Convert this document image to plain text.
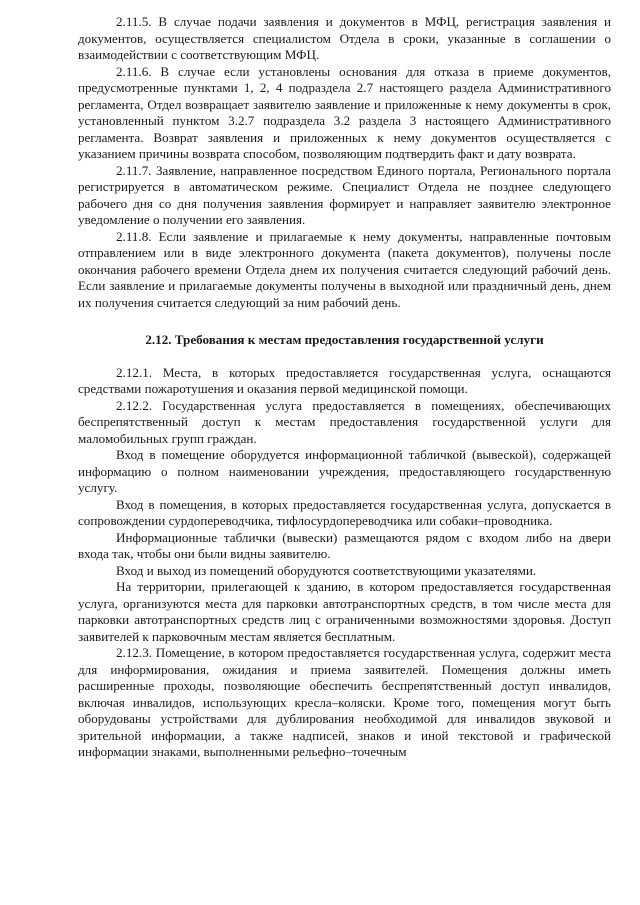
2.11.5. В случае подачи заявления и документов в МФЦ, регистрация заявления и документов, осуществляется специалистом Отдела в сроки, указанные в соглашении о взаимодействии с соответствующим МФЦ.

2.11.6. В случае если установлены основания для отказа в приеме документов, предусмотренные пунктами 1, 2, 4 подраздела 2.7 настоящего раздела Административного регламента, Отдел возвращает заявителю заявление и приложенные к нему документы в срок, установленный пунктом 3.2.7 подраздела 3.2 раздела 3 настоящего Административного регламента. Возврат заявления и приложенных к нему документов осуществляется с указанием причины возврата способом, позволяющим подтвердить факт и дату возврата.

2.11.7. Заявление, направленное посредством Единого портала, Регионального портала регистрируется в автоматическом режиме. Специалист Отдела не позднее следующего рабочего дня со дня получения заявления формирует и направляет заявителю электронное уведомление о получении его заявления.

2.11.8. Если заявление и прилагаемые к нему документы, направленные почтовым отправлением или в виде электронного документа (пакета документов), получены после окончания рабочего времени Отдела днем их получения считается следующий рабочий день. Если заявление и прилагаемые документы получены в выходной или праздничный день, днем их получения считается следующий за ним рабочий день.

2.12. Требования к местам предоставления государственной услуги

2.12.1. Места, в которых предоставляется государственная услуга, оснащаются средствами пожаротушения и оказания первой медицинской помощи.

2.12.2. Государственная услуга предоставляется в помещениях, обеспечивающих беспрепятственный доступ к местам предоставления государственной услуги для маломобильных групп граждан.

Вход в помещение оборудуется информационной табличкой (вывеской), содержащей информацию о полном наименовании учреждения, предоставляющего государственную услугу.

Вход в помещения, в которых предоставляется государственная услуга, допускается в сопровождении сурдопереводчика, тифлосурдопереводчика или собаки–проводника.

Информационные таблички (вывески) размещаются рядом с входом либо на двери входа так, чтобы они были видны заявителю.

Вход и выход из помещений оборудуются соответствующими указателями.

На территории, прилегающей к зданию, в котором предоставляется государственная услуга, организуются места для парковки автотранспортных средств, в том числе места для парковки автотранспортных средств лиц с ограниченными возможностями здоровья. Доступ заявителей к парковочным местам является бесплатным.

2.12.3. Помещение, в котором предоставляется государственная услуга, содержит места для информирования, ожидания и приема заявителей. Помещения должны иметь расширенные проходы, позволяющие обеспечить беспрепятственный доступ инвалидов, включая инвалидов, использующих кресла–коляски. Кроме того, помещения могут быть оборудованы устройствами для дублирования необходимой для инвалидов звуковой и зрительной информации, а также надписей, знаков и иной текстовой и графической информации знаками, выполненными рельефно–точечным
